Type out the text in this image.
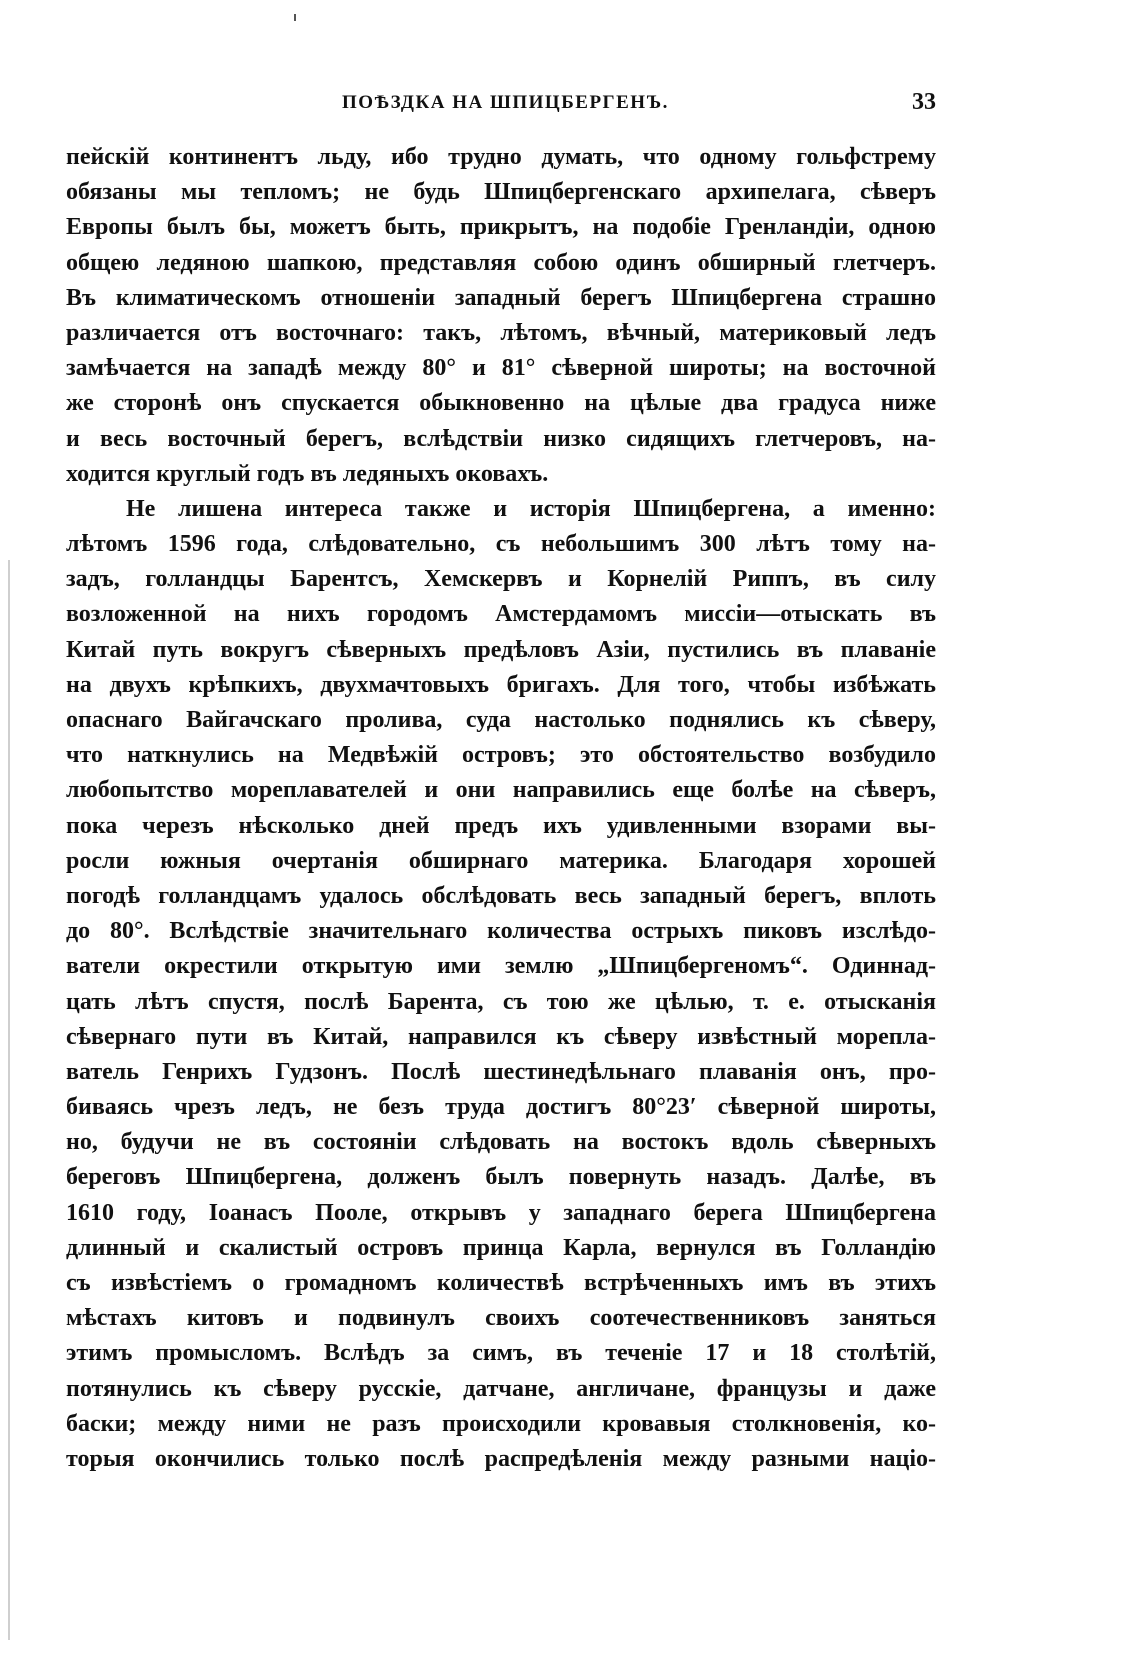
ПОѢЗДКА НА ШПИЦБЕРГЕНЪ.	33
пейскій континентъ льду, ибо трудно думать, что одному гольфстрему
обязаны мы тепломъ; не будь Шпицбергенскаго архипелага, сѣверъ
Европы былъ бы, можетъ быть, прикрытъ, на подобіе Гренландіи, одною
общею ледяною шапкою, представляя собою одинъ обширный глетчеръ.
Въ климатическомъ отношеніи западный берегъ Шпицбергена страшно
различается отъ восточнаго: такъ, лѣтомъ, вѣчный, материковый ледъ
замѣчается на западѣ между 80° и 81° сѣверной широты; на восточной
же сторонѣ онъ спускается обыкновенно на цѣлые два градуса ниже
и весь восточный берегъ, вслѣдствіи низко сидящихъ глетчеровъ, на-
ходится круглый годъ въ ледяныхъ оковахъ.
Не лишена интереса также и исторія Шпицбергена, а именно:
лѣтомъ 1596 года, слѣдовательно, съ небольшимъ 300 лѣтъ тому на-
задъ, голландцы Барентсъ, Хемскервъ и Корнелій Риппъ, въ силу
возложенной на нихъ городомъ Амстердамомъ миссіи—отыскать въ
Китай путь вокругъ сѣверныхъ предѣловъ Азіи, пустились въ плаваніе
на двухъ крѣпкихъ, двухмачтовыхъ бригахъ. Для того, чтобы избѣжать
опаснаго Вайгачскаго пролива, суда настолько поднялись къ сѣверу,
что наткнулись на Медвѣжій островъ; это обстоятельство возбудило
любопытство мореплавателей и они направились еще болѣе на сѣверъ,
пока черезъ нѣсколько дней предъ ихъ удивленными взорами вы-
росли южныя очертанія обширнаго материка. Благодаря хорошей
погодѣ голландцамъ удалось обслѣдовать весь западный берегъ, вплоть
до 80°. Вслѣдствіе значительнаго количества острыхъ пиковъ изслѣдо-
ватели окрестили открытую ими землю „Шпицбергеномъ“. Одиннад-
цать лѣтъ спустя, послѣ Барента, съ тою же цѣлью, т. е. отысканія
сѣвернаго пути въ Китай, направился къ сѣверу извѣстный морепла-
ватель Генрихъ Гудзонъ. Послѣ шестинедѣльнаго плаванія онъ, про-
биваясь чрезъ ледъ, не безъ труда достигъ 80°23′ сѣверной широты,
но, будучи не въ состояніи слѣдовать на востокъ вдоль сѣверныхъ
береговъ Шпицбергена, долженъ былъ повернуть назадъ. Далѣе, въ
1610 году, Іоанасъ Пооле, открывъ у западнаго берега Шпицбергена
длинный и скалистый островъ принца Карла, вернулся въ Голландію
съ извѣстіемъ о громадномъ количествѣ встрѣченныхъ имъ въ этихъ
мѣстахъ китовъ и подвинулъ своихъ соотечественниковъ заняться
этимъ промысломъ. Вслѣдъ за симъ, въ теченіе 17 и 18 столѣтій,
потянулись къ сѣверу русскіе, датчане, англичане, французы и даже
баски; между ними не разъ происходили кровавыя столкновенія, ко-
торыя окончились только послѣ распредѣленія между разными націо-
